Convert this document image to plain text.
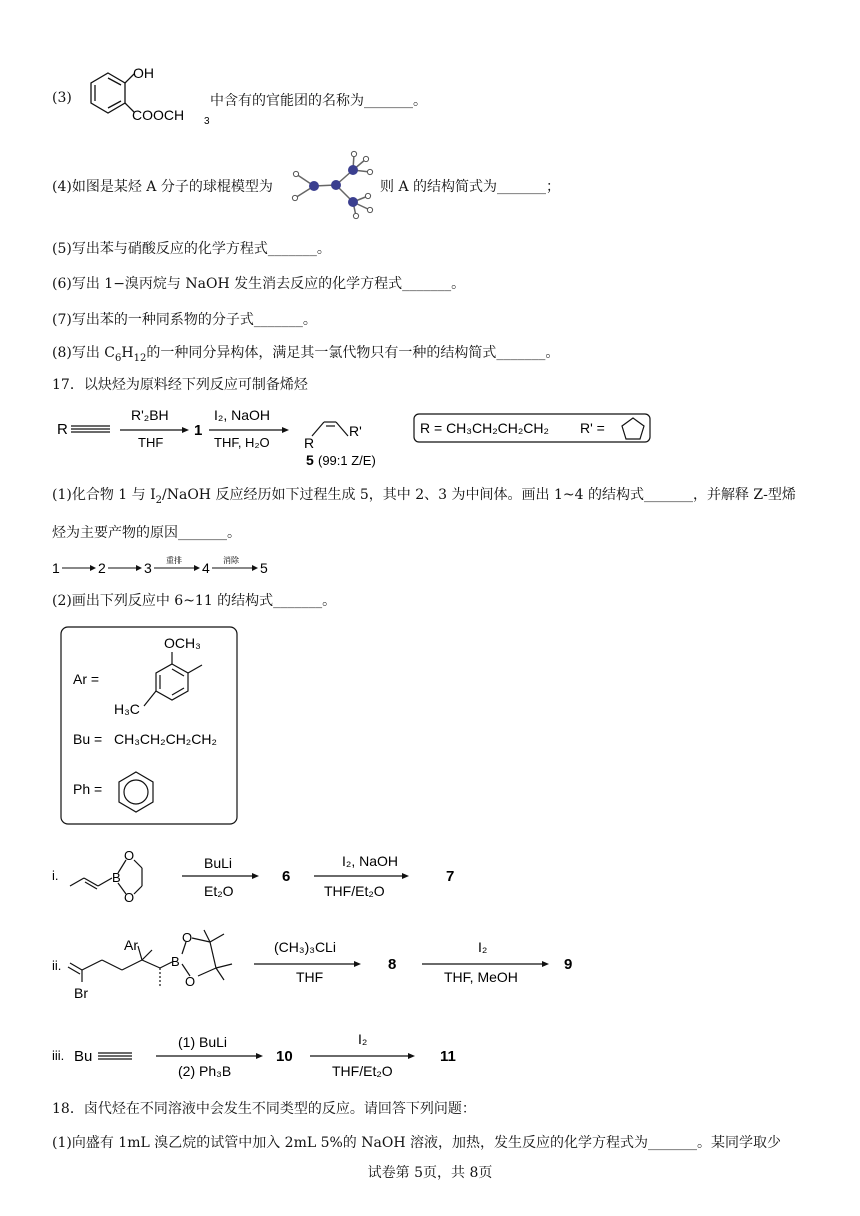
(3)
OH
COOCH 3
中含有的官能团的名称为_______。
(4)如图是某烃 A 分子的球棍模型为	则 A 的结构简式为_______；
(5)写出苯与硝酸反应的化学方程式_______。
(6)写出 1−溴丙烷与 NaOH 发生消去反应的化学方程式_______。
(7)写出苯的一种同系物的分子式_______。
(8)写出 $C_6H_{12}$的一种同分异构体，满足其一氯代物只有一种的结构简式_______。
17．以炔烃为原料经下列反应可制备烯烃
R
R'₂BH
THF
1
I₂, NaOH
THF, H₂O R
R'
5 (99:1 Z/E)
R = CH₃CH₂CH₂CH₂ R' =
(1)化合物 1 与 $I_2$/NaOH 反应经历如下过程生成 5，其中 2、3 为中间体。画出 1~4 的结构式_______，并解释 Z-型烯
烃为主要产物的原因_______。
1	2	3	4	5
重排	消除
(2)画出下列反应中 6~11 的结构式_______。
Ar =
OCH₃
H₃C
Bu = CH₃CH₂CH₂CH₂
Ph =
i.	B
O
O
BuLi
Et₂O
6
I₂, NaOH
THF/Et₂O
7
ii.
Ar
Br
B
O
O
(CH₃)₃CLi
THF
8
I₂
THF, MeOH
9
iii. Bu
(1) BuLi
(2) Ph₃B
10
I₂
THF/Et₂O
11
18．卤代烃在不同溶液中会发生不同类型的反应。请回答下列问题：
(1)向盛有 1mL 溴乙烷的试管中加入 2mL 5%的 NaOH 溶液，加热，发生反应的化学方程式为_______。某同学取少
试卷第 5页，共 8页
